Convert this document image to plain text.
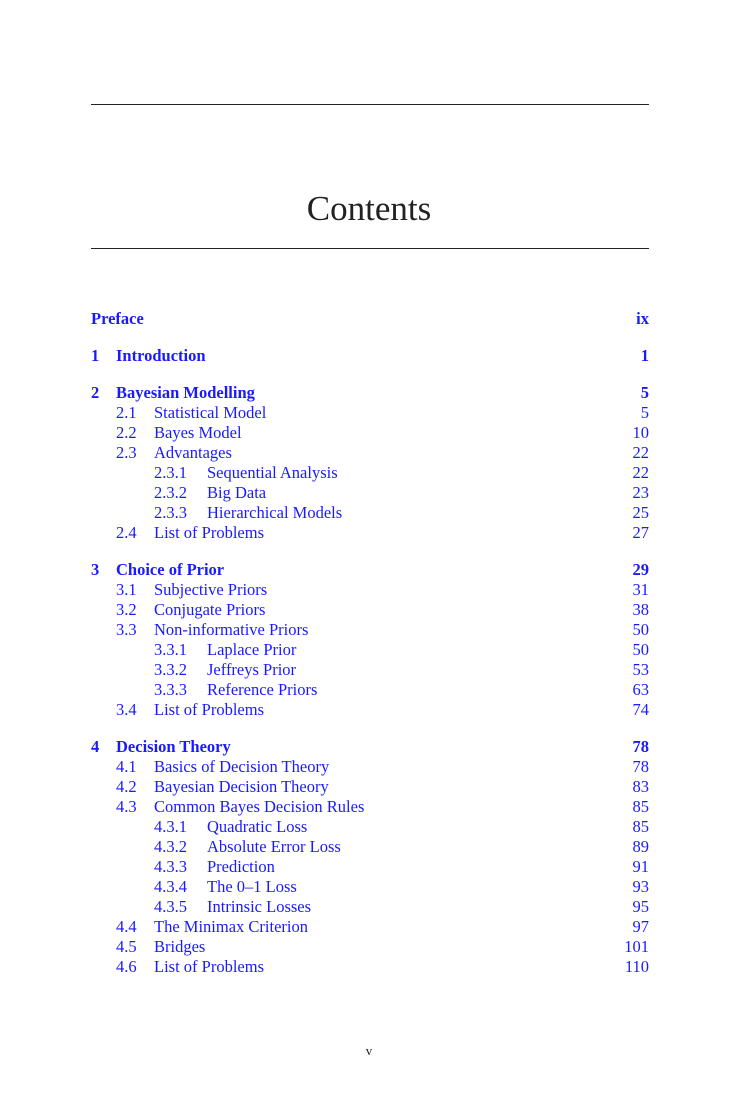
Contents
Preface	ix
1 Introduction	1
2 Bayesian Modelling	5
2.1 Statistical Model	5
2.2 Bayes Model	10
2.3 Advantages	22
2.3.1 Sequential Analysis	22
2.3.2 Big Data	23
2.3.3 Hierarchical Models	25
2.4 List of Problems	27
3 Choice of Prior	29
3.1 Subjective Priors	31
3.2 Conjugate Priors	38
3.3 Non-informative Priors	50
3.3.1 Laplace Prior	50
3.3.2 Jeffreys Prior	53
3.3.3 Reference Priors	63
3.4 List of Problems	74
4 Decision Theory	78
4.1 Basics of Decision Theory	78
4.2 Bayesian Decision Theory	83
4.3 Common Bayes Decision Rules	85
4.3.1 Quadratic Loss	85
4.3.2 Absolute Error Loss	89
4.3.3 Prediction	91
4.3.4 The 0–1 Loss	93
4.3.5 Intrinsic Losses	95
4.4 The Minimax Criterion	97
4.5 Bridges	101
4.6 List of Problems	110
v
